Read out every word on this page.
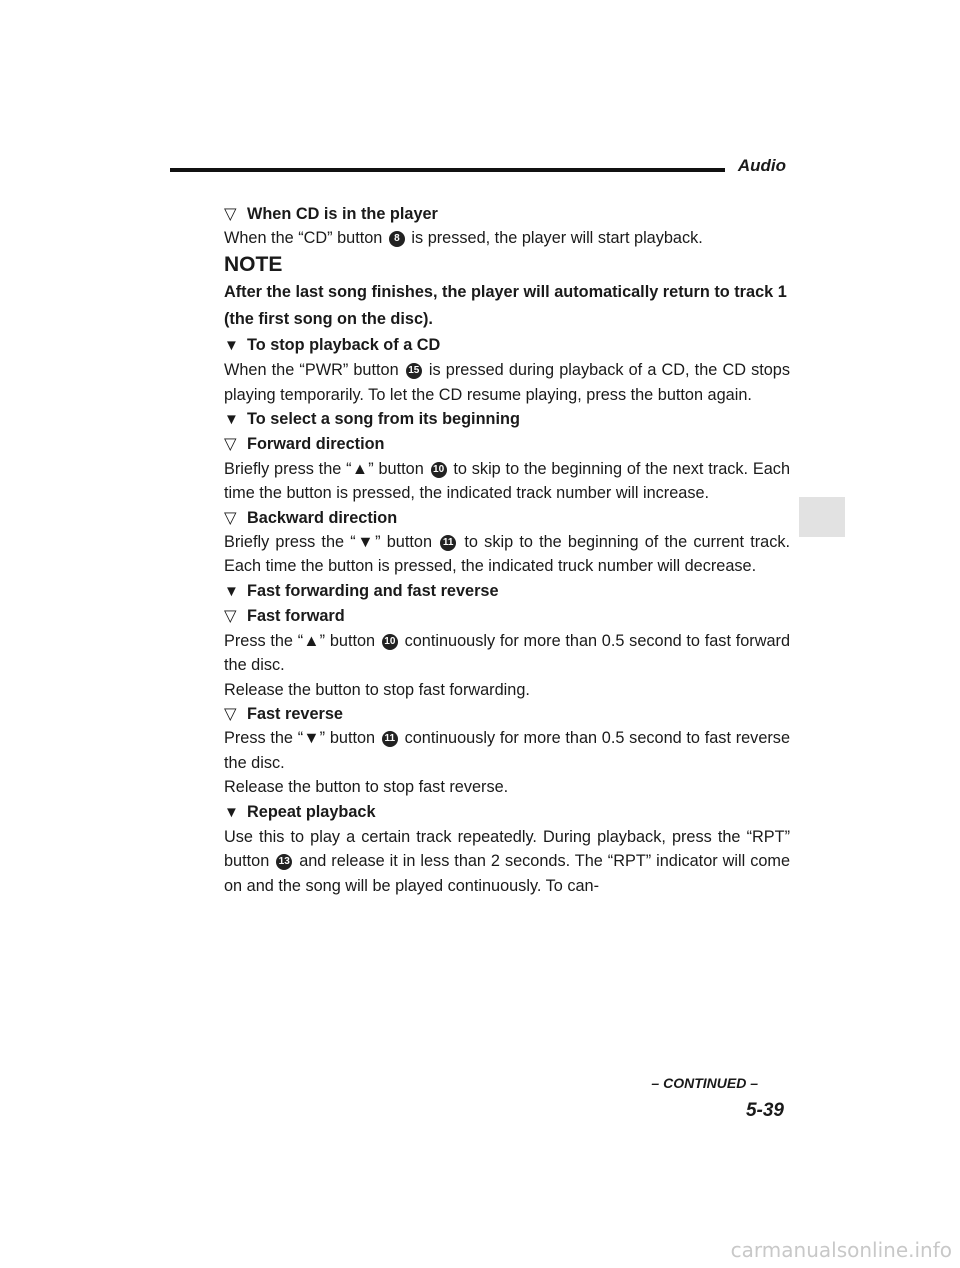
Audio

▽ When CD is in the player

When the “CD” button 8 is pressed, the player will start playback.

NOTE

After the last song finishes, the player will automatically return to track 1 (the first song on the disc).

▼ To stop playback of a CD

When the “PWR” button 15 is pressed during playback of a CD, the CD stops playing temporarily. To let the CD resume playing, press the button again.

▼ To select a song from its beginning

▽ Forward direction

Briefly press the “▲” button 10 to skip to the beginning of the next track. Each time the button is pressed, the indicated track number will increase.

▽ Backward direction

Briefly press the “▼” button 11 to skip to the beginning of the current track. Each time the button is pressed, the indicated truck number will decrease.

▼ Fast forwarding and fast reverse

▽ Fast forward

Press the “▲” button 10 continuously for more than 0.5 second to fast forward the disc.

Release the button to stop fast forwarding.

▽ Fast reverse

Press the “▼” button 11 continuously for more than 0.5 second to fast reverse the disc.

Release the button to stop fast reverse.

▼ Repeat playback

Use this to play a certain track repeatedly. During playback, press the “RPT” button 13 and release it in less than 2 seconds. The “RPT” indicator will come on and the song will be played continuously. To can-

– CONTINUED –
5-39
carmanualsonline.info
